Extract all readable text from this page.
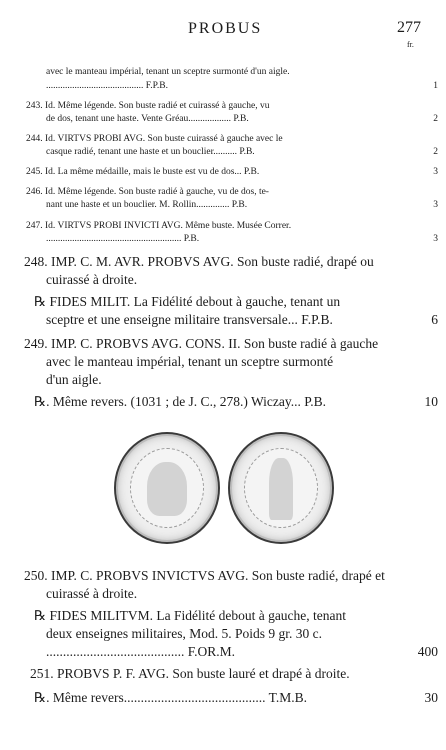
PROBUS	277
fr.
avec le manteau impérial, tenant un sceptre surmonté d'un aigle.
......................................... F.P.B.	1
243. Id. Même légende. Son buste radié et cuirassé à gauche, vu
de dos, tenant une haste. Vente Gréau.................. P.B.	2
244. Id. VIRTVS PROBI AVG. Son buste cuirassé à gauche avec le
casque radié, tenant une haste et un bouclier.......... P.B.	2
245. Id. La même médaille, mais le buste est vu de dos... P.B.	3
246. Id. Même légende. Son buste radié à gauche, vu de dos, te-
nant une haste et un bouclier. M. Rollin.............. P.B.	3
247. Id. VIRTVS PROBI INVICTI AVG. Même buste. Musée Correr.
......................................................... P.B.	3
248. IMP. C. M. AVR. PROBVS AVG. Son buste radié, drapé ou
cuirassé à droite.
℞ FIDES MILIT. La Fidélité debout à gauche, tenant un
sceptre et une enseigne militaire transversale... F.P.B.	6
249. IMP. C. PROBVS AVG. CONS. II. Son buste radié à gauche
avec le manteau impérial, tenant un sceptre surmonté
d'un aigle.
℞. Même revers. (1031 ; de J. C., 278.) Wiczay... P.B.	10
250. IMP. C. PROBVS INVICTVS AVG. Son buste radié, drapé et
cuirassé à droite.
℞ FIDES MILITVM. La Fidélité debout à gauche, tenant
deux enseignes militaires, Mod. 5. Poids 9 gr. 30 c.
......................................... F.OR.M.	400
251. PROBVS P. F. AVG. Son buste lauré et drapé à droite.
℞. Même revers.......................................... T.M.B.	30
